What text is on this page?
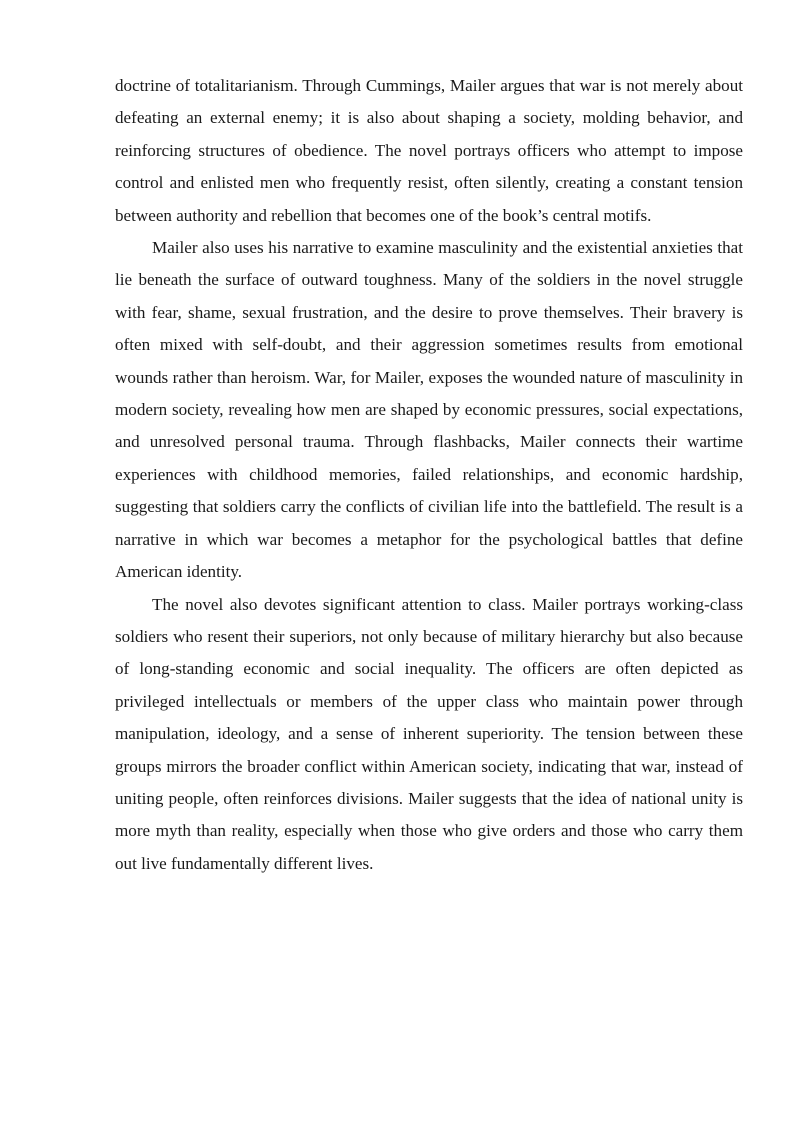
doctrine of totalitarianism. Through Cummings, Mailer argues that war is not merely about defeating an external enemy; it is also about shaping a society, molding behavior, and reinforcing structures of obedience. The novel portrays officers who attempt to impose control and enlisted men who frequently resist, often silently, creating a constant tension between authority and rebellion that becomes one of the book’s central motifs.

Mailer also uses his narrative to examine masculinity and the existential anxieties that lie beneath the surface of outward toughness. Many of the soldiers in the novel struggle with fear, shame, sexual frustration, and the desire to prove themselves. Their bravery is often mixed with self-doubt, and their aggression sometimes results from emotional wounds rather than heroism. War, for Mailer, exposes the wounded nature of masculinity in modern society, revealing how men are shaped by economic pressures, social expectations, and unresolved personal trauma. Through flashbacks, Mailer connects their wartime experiences with childhood memories, failed relationships, and economic hardship, suggesting that soldiers carry the conflicts of civilian life into the battlefield. The result is a narrative in which war becomes a metaphor for the psychological battles that define American identity.

The novel also devotes significant attention to class. Mailer portrays working-class soldiers who resent their superiors, not only because of military hierarchy but also because of long-standing economic and social inequality. The officers are often depicted as privileged intellectuals or members of the upper class who maintain power through manipulation, ideology, and a sense of inherent superiority. The tension between these groups mirrors the broader conflict within American society, indicating that war, instead of uniting people, often reinforces divisions. Mailer suggests that the idea of national unity is more myth than reality, especially when those who give orders and those who carry them out live fundamentally different lives.
